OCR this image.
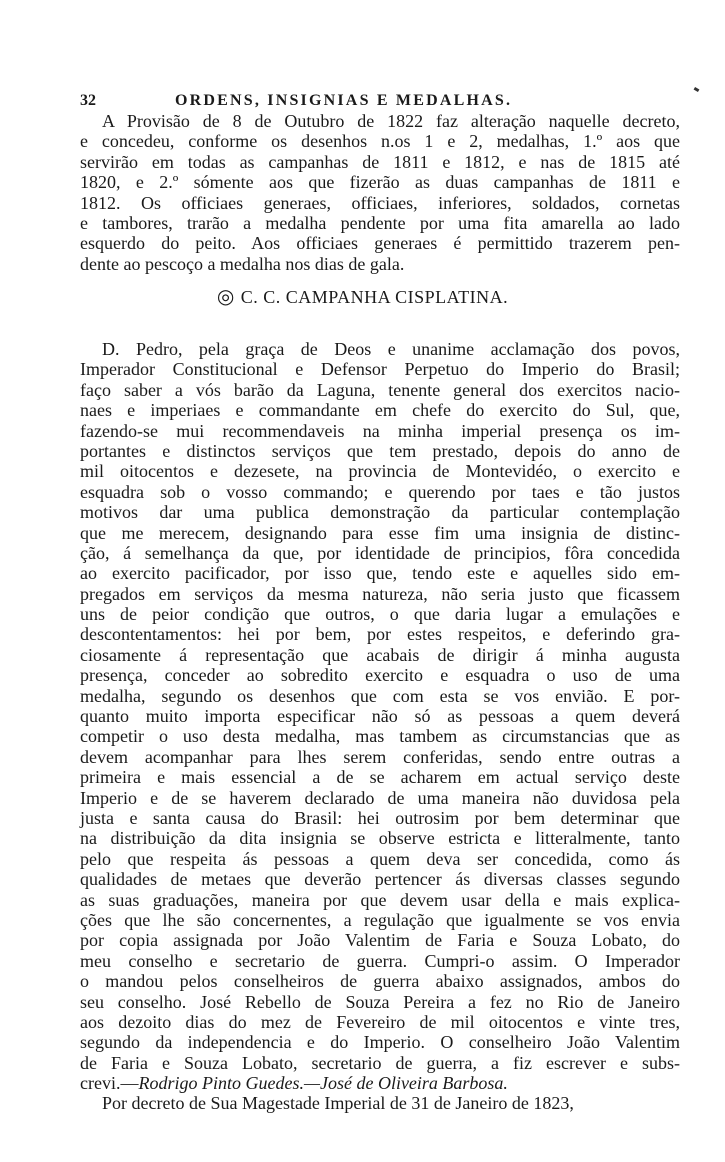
32	ORDENS, INSIGNIAS E MEDALHAS.
A Provisão de 8 de Outubro de 1822 faz alteração naquelle decreto,
e concedeu, conforme os desenhos n.os 1 e 2, medalhas, 1.º aos que
servirão em todas as campanhas de 1811 e 1812, e nas de 1815 até
1820, e 2.º sómente aos que fizerão as duas campanhas de 1811 e
1812. Os officiaes generaes, officiaes, inferiores, soldados, cornetas
e tambores, trarão a medalha pendente por uma fita amarella ao lado
esquerdo do peito. Aos officiaes generaes é permittido trazerem pen-
dente ao pescoço a medalha nos dias de gala.
◎ C. C. CAMPANHA CISPLATINA.
D. Pedro, pela graça de Deos e unanime acclamação dos povos,
Imperador Constitucional e Defensor Perpetuo do Imperio do Brasil;
faço saber a vós barão da Laguna, tenente general dos exercitos nacio-
naes e imperiaes e commandante em chefe do exercito do Sul, que,
fazendo-se mui recommendaveis na minha imperial presença os im-
portantes e distinctos serviços que tem prestado, depois do anno de
mil oitocentos e dezesete, na provincia de Montevidéo, o exercito e
esquadra sob o vosso commando; e querendo por taes e tão justos
motivos dar uma publica demonstração da particular contemplação
que me merecem, designando para esse fim uma insignia de distinc-
ção, á semelhança da que, por identidade de principios, fôra concedida
ao exercito pacificador, por isso que, tendo este e aquelles sido em-
pregados em serviços da mesma natureza, não seria justo que ficassem
uns de peior condição que outros, o que daria lugar a emulações e
descontentamentos: hei por bem, por estes respeitos, e deferindo gra-
ciosamente á representação que acabais de dirigir á minha augusta
presença, conceder ao sobredito exercito e esquadra o uso de uma
medalha, segundo os desenhos que com esta se vos envião. E por-
quanto muito importa especificar não só as pessoas a quem deverá
competir o uso desta medalha, mas tambem as circumstancias que as
devem acompanhar para lhes serem conferidas, sendo entre outras a
primeira e mais essencial a de se acharem em actual serviço deste
Imperio e de se haverem declarado de uma maneira não duvidosa pela
justa e santa causa do Brasil: hei outrosim por bem determinar que
na distribuição da dita insignia se observe estricta e litteralmente, tanto
pelo que respeita ás pessoas a quem deva ser concedida, como ás
qualidades de metaes que deverão pertencer ás diversas classes segundo
as suas graduações, maneira por que devem usar della e mais explica-
ções que lhe são concernentes, a regulação que igualmente se vos envia
por copia assignada por João Valentim de Faria e Souza Lobato, do
meu conselho e secretario de guerra. Cumpri-o assim. O Imperador
o mandou pelos conselheiros de guerra abaixo assignados, ambos do
seu conselho. José Rebello de Souza Pereira a fez no Rio de Janeiro
aos dezoito dias do mez de Fevereiro de mil oitocentos e vinte tres,
segundo da independencia e do Imperio. O conselheiro João Valentim
de Faria e Souza Lobato, secretario de guerra, a fiz escrever e subs-
crevi.—Rodrigo Pinto Guedes.—José de Oliveira Barbosa.
Por decreto de Sua Magestade Imperial de 31 de Janeiro de 1823,
